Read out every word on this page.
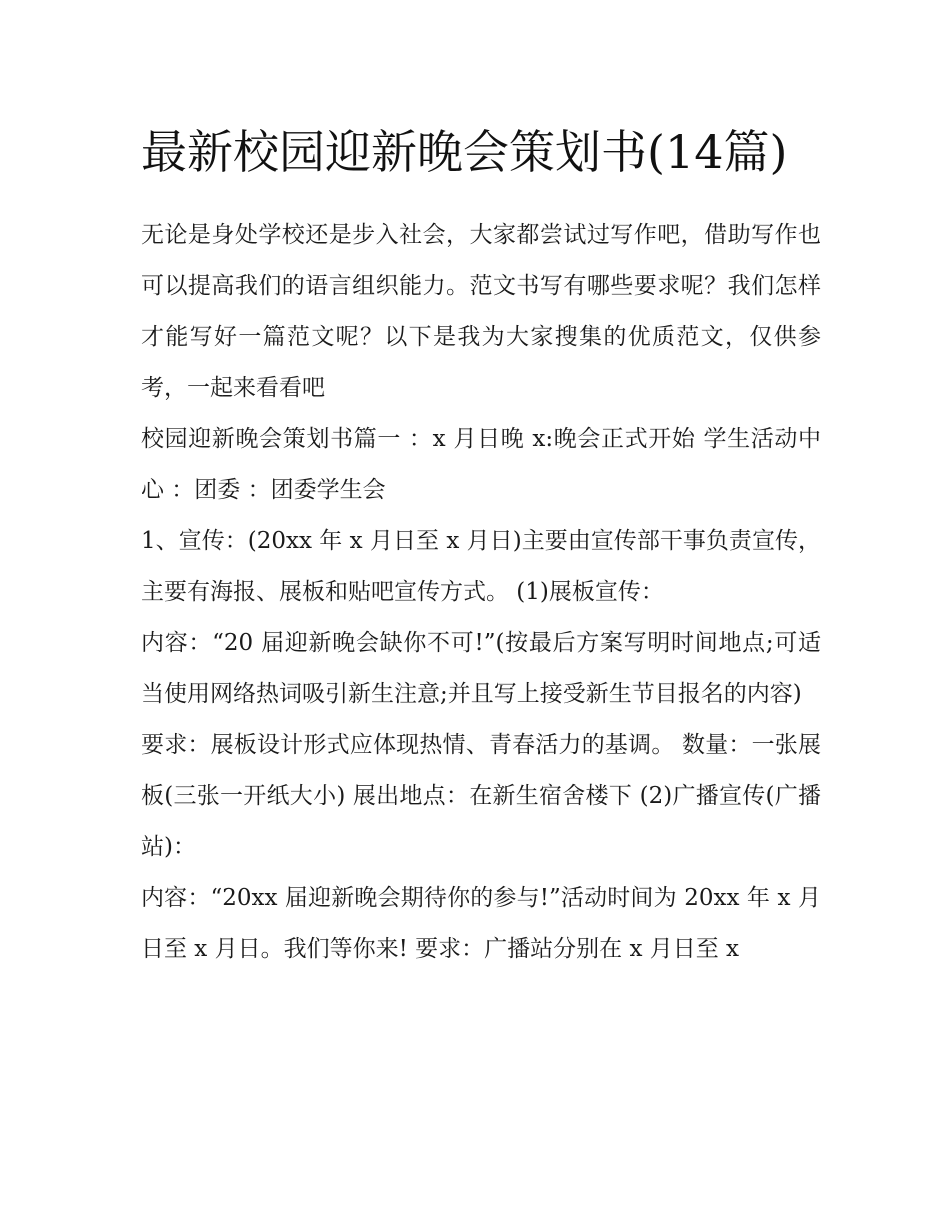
最新校园迎新晚会策划书(14篇)

无论是身处学校还是步入社会，大家都尝试过写作吧，借助写作也可以提高我们的语言组织能力。范文书写有哪些要求呢？我们怎样才能写好一篇范文呢？以下是我为大家搜集的优质范文，仅供参考，一起来看看吧

校园迎新晚会策划书篇一 ：x 月日晚 x:晚会正式开始 学生活动中心 ：团委 ：团委学生会

1、宣传：(20xx 年 x 月日至 x 月日)主要由宣传部干事负责宣传，主要有海报、展板和贴吧宣传方式。 (1)展板宣传：

内容：“20 届迎新晚会缺你不可!”(按最后方案写明时间地点;可适当使用网络热词吸引新生注意;并且写上接受新生节目报名的内容)

要求：展板设计形式应体现热情、青春活力的基调。 数量：一张展板(三张一开纸大小) 展出地点：在新生宿舍楼下 (2)广播宣传(广播站)：

内容：“20xx 届迎新晚会期待你的参与!”活动时间为 20xx 年 x 月日至 x 月日。我们等你来! 要求：广播站分别在 x 月日至 x
